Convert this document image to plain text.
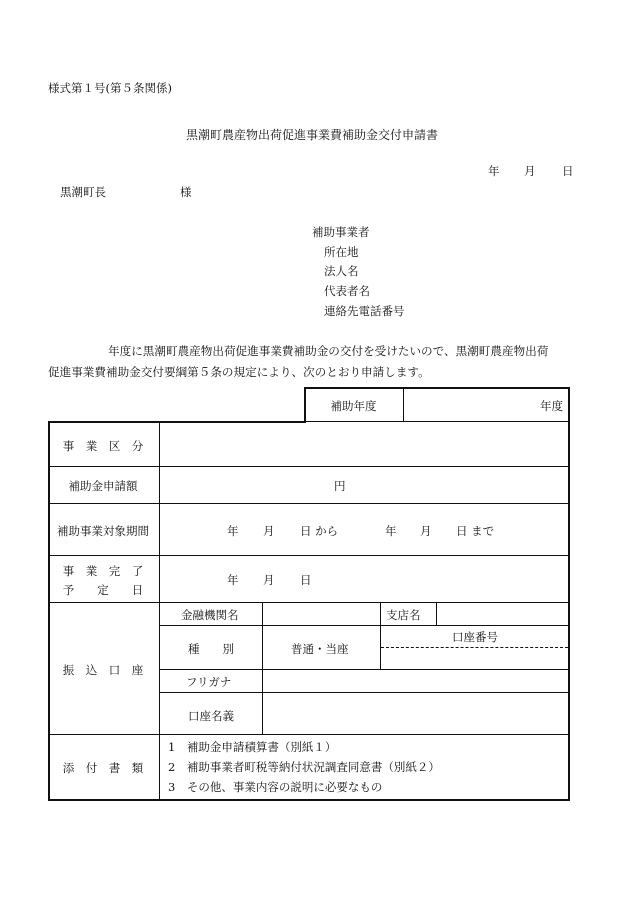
様式第１号(第５条関係)
黒潮町農産物出荷促進事業費補助金交付申請書
年 月 日
黒潮町長	様
補助事業者
所在地
法人名
代表者名
連絡先電話番号

年度に黒潮町農産物出荷促進事業費補助金の交付を受けたいので、黒潮町農産物出荷

促進事業費補助金交付要綱第５条の規定により、次のとおり申請します。

補助年度	年度
事　業　区　分
補助金申請額	円
補助事業対象期間	年 月 日 から	年 月 日 まで
事　業　完　了
予　　定　　日
年 月 日
振　込　口　座
金融機関名	支店名
種　　別	普通・当座
口座番号
フリガナ
口座名義
添　付　書　類
1　補助金申請積算書（別紙１）
2　補助事業者町税等納付状況調査同意書（別紙２）
3　その他、事業内容の説明に必要なもの
